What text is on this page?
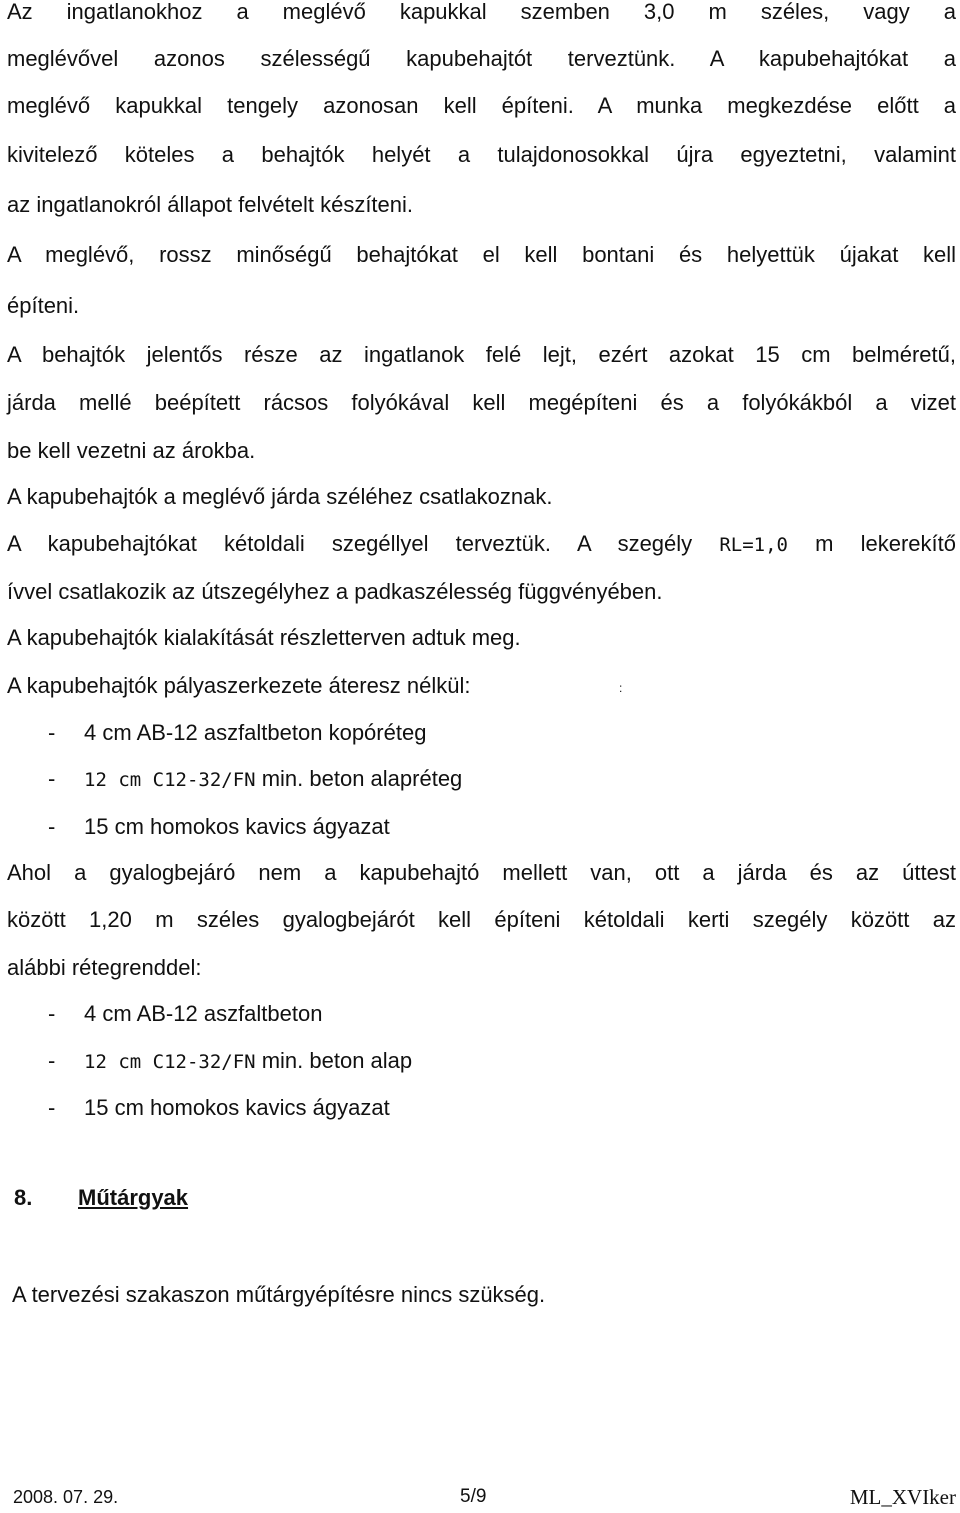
Az ingatlanokhoz a meglévő kapukkal szemben 3,0 m széles, vagy a
meglévővel azonos szélességű kapubehajtót terveztünk. A kapubehajtókat a
meglévő kapukkal tengely azonosan kell építeni. A munka megkezdése előtt a
kivitelező köteles a behajtók helyét a tulajdonosokkal újra egyeztetni, valamint
az ingatlanokról állapot felvételt készíteni.
A meglévő, rossz minőségű behajtókat el kell bontani és helyettük újakat kell
építeni.
A behajtók jelentős része az ingatlanok felé lejt, ezért azokat 15 cm belméretű,
járda mellé beépített rácsos folyókával kell megépíteni és a folyókákból a vizet
be kell vezetni az árokba.
A kapubehajtók a meglévő járda széléhez csatlakoznak.
A kapubehajtókat kétoldali szegéllyel terveztük. A szegély RL=1,0 m lekerekítő
ívvel csatlakozik az útszegélyhez a padkaszélesség függvényében.
A kapubehajtók kialakítását részletterven adtuk meg.
A kapubehajtók pályaszerkezete áteresz nélkül:	:
- 4 cm AB-12 aszfaltbeton kopóréteg
- 12 cm C12-32/FN min. beton alapréteg
- 15 cm homokos kavics ágyazat
Ahol a gyalogbejáró nem a kapubehajtó mellett van, ott a járda és az úttest
között 1,20 m széles gyalogbejárót kell építeni kétoldali kerti szegély között az
alábbi rétegrenddel:
- 4 cm AB-12 aszfaltbeton
- 12 cm C12-32/FN min. beton alap
- 15 cm homokos kavics ágyazat
8. Műtárgyak
A tervezési szakaszon műtárgyépítésre nincs szükség.
2008. 07. 29.	5/9	ML_XVIker
